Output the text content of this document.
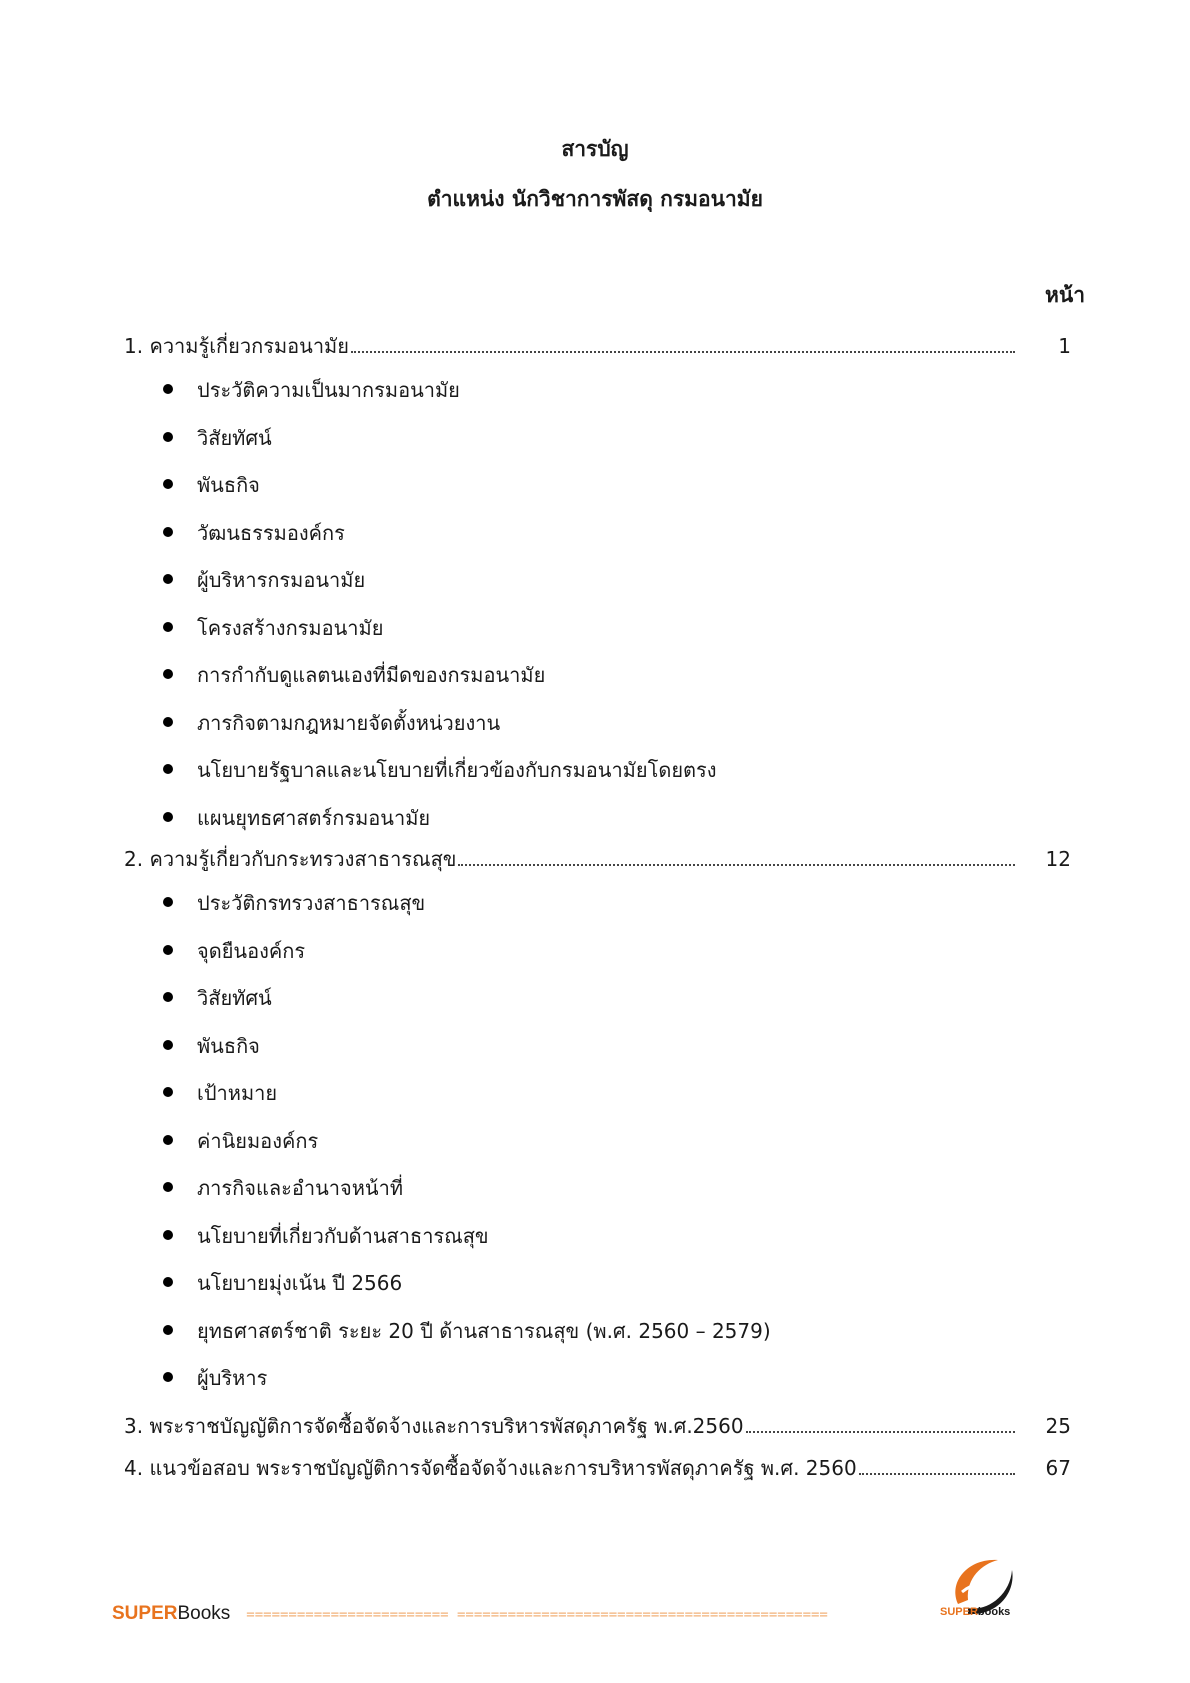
สารบัญ
ตำแหน่ง นักวิชาการพัสดุ กรมอนามัย
หน้า
1. ความรู้เกี่ยวกรมอนามัย	1
ประวัติความเป็นมากรมอนามัย
วิสัยทัศน์
พันธกิจ
วัฒนธรรมองค์กร
ผู้บริหารกรมอนามัย
โครงสร้างกรมอนามัย
การกำกับดูแลตนเองที่มีดของกรมอนามัย
ภารกิจตามกฎหมายจัดตั้งหน่วยงาน
นโยบายรัฐบาลและนโยบายที่เกี่ยวข้องกับกรมอนามัยโดยตรง
แผนยุทธศาสตร์กรมอนามัย
2. ความรู้เกี่ยวกับกระทรวงสาธารณสุข	12
ประวัติกรทรวงสาธารณสุข
จุดยืนองค์กร
วิสัยทัศน์
พันธกิจ
เป้าหมาย
ค่านิยมองค์กร
ภารกิจและอำนาจหน้าที่
นโยบายที่เกี่ยวกับด้านสาธารณสุข
นโยบายมุ่งเน้น ปี 2566
ยุทธศาสตร์ชาติ ระยะ 20 ปี ด้านสาธารณสุข (พ.ศ. 2560 – 2579)
ผู้บริหาร
3. พระราชบัญญัติการจัดซื้อจัดจ้างและการบริหารพัสดุภาครัฐ พ.ศ.2560	25
4. แนวข้อสอบ พระราชบัญญัติการจัดซื้อจัดจ้างและการบริหารพัสดุภาครัฐ พ.ศ. 2560	67
SUPER Books ======================== ============================================	SUPERbooks
